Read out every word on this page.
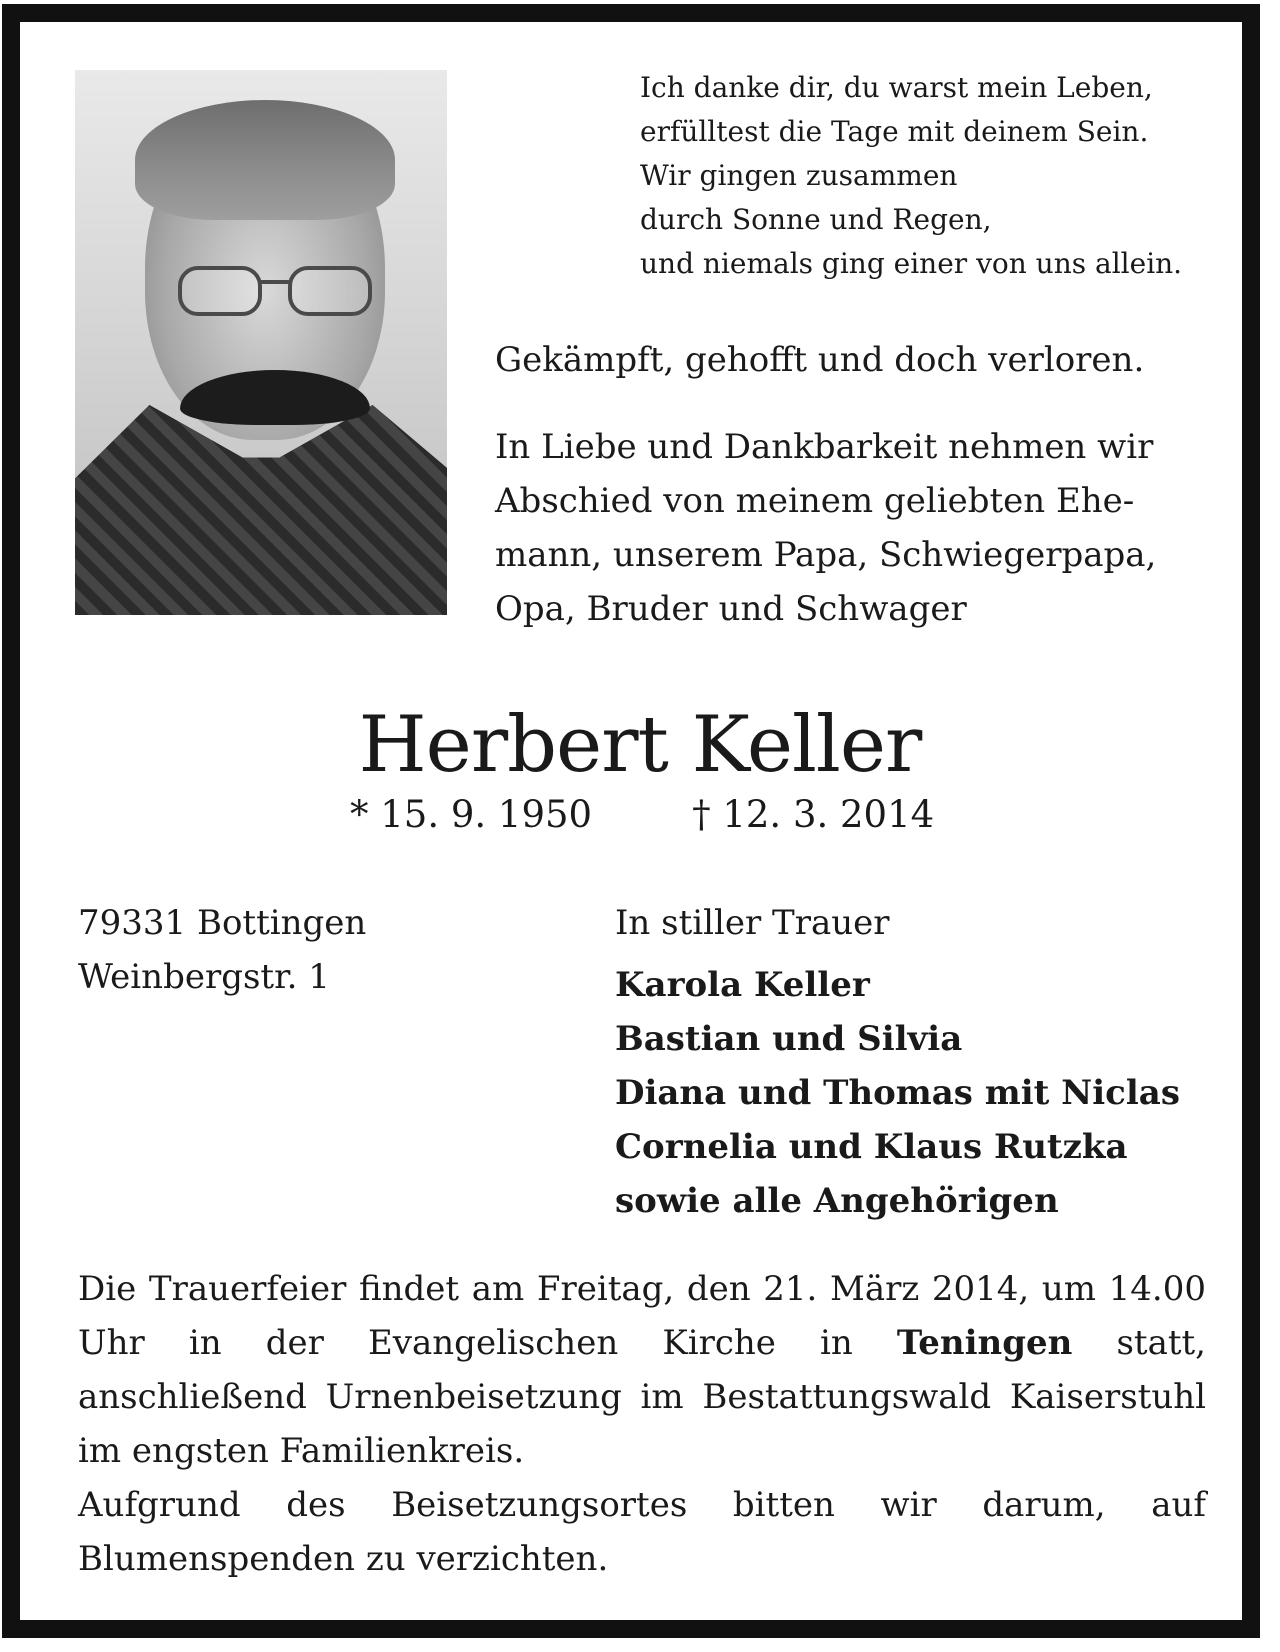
Ich danke dir, du warst mein Leben,
erfülltest die Tage mit deinem Sein.
Wir gingen zusammen
durch Sonne und Regen,
und niemals ging einer von uns allein.
Gekämpft, gehofft und doch verloren.
In Liebe und Dankbarkeit nehmen wir
Abschied von meinem geliebten Ehe-
mann, unserem Papa, Schwiegerpapa,
Opa, Bruder und Schwager
Herbert Keller
* 15. 9. 1950	† 12. 3. 2014
79331 Bottingen
Weinbergstr. 1
In stiller Trauer
Karola Keller
Bastian und Silvia
Diana und Thomas mit Niclas
Cornelia und Klaus Rutzka
sowie alle Angehörigen
Die Trauerfeier findet am Freitag, den 21. März 2014, um 14.00 Uhr in der Evangelischen Kirche in Teningen statt, anschließend Urnenbeisetzung im Bestattungswald Kaiserstuhl im engsten Familienkreis.
Aufgrund des Beisetzungsortes bitten wir darum, auf Blumenspenden zu verzichten.
